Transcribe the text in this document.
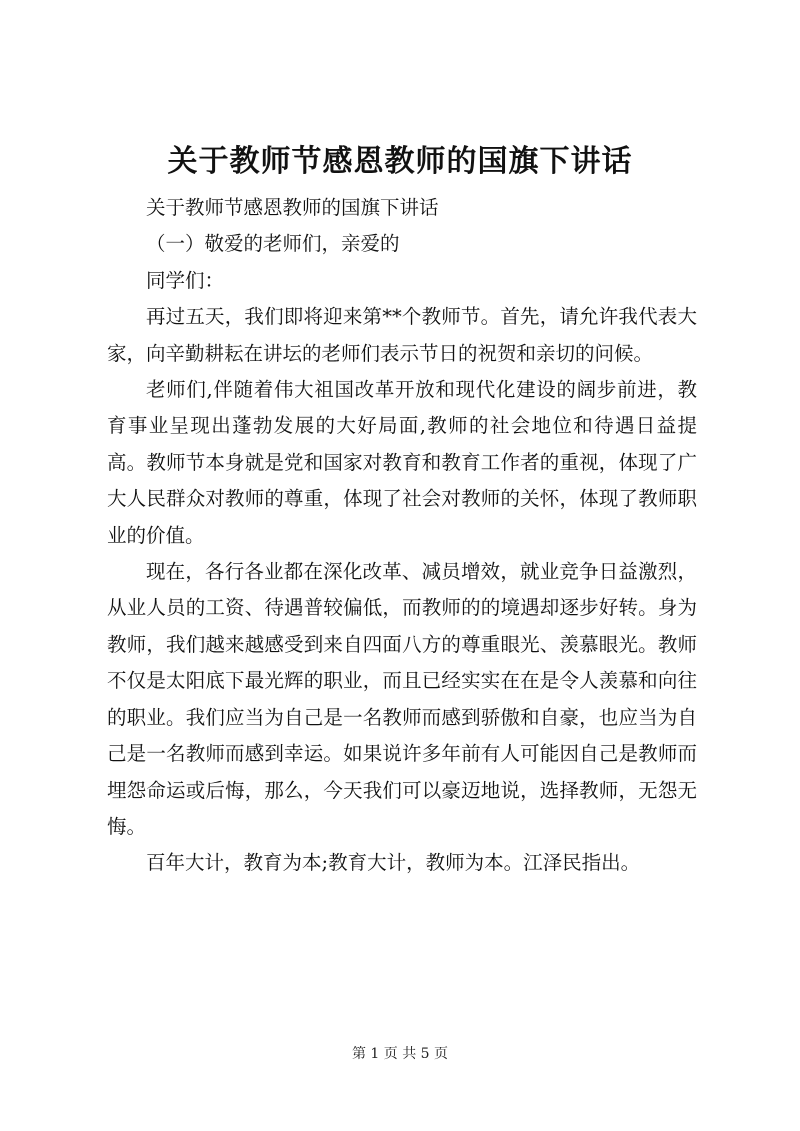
关于教师节感恩教师的国旗下讲话

关于教师节感恩教师的国旗下讲话

（一）敬爱的老师们，亲爱的

同学们：

再过五天，我们即将迎来第**个教师节。首先，请允许我代表大家，向辛勤耕耘在讲坛的老师们表示节日的祝贺和亲切的问候。

老师们,伴随着伟大祖国改革开放和现代化建设的阔步前进，教育事业呈现出蓬勃发展的大好局面,教师的社会地位和待遇日益提高。教师节本身就是党和国家对教育和教育工作者的重视，体现了广大人民群众对教师的尊重，体现了社会对教师的关怀，体现了教师职业的价值。

现在，各行各业都在深化改革、减员增效，就业竞争日益激烈，从业人员的工资、待遇普较偏低，而教师的的境遇却逐步好转。身为教师，我们越来越感受到来自四面八方的尊重眼光、羡慕眼光。教师不仅是太阳底下最光辉的职业，而且已经实实在在是令人羡慕和向往的职业。我们应当为自己是一名教师而感到骄傲和自豪，也应当为自己是一名教师而感到幸运。如果说许多年前有人可能因自己是教师而埋怨命运或后悔，那么，今天我们可以豪迈地说，选择教师，无怨无悔。

百年大计，教育为本;教育大计，教师为本。江泽民指出。

第 1 页 共 5 页
